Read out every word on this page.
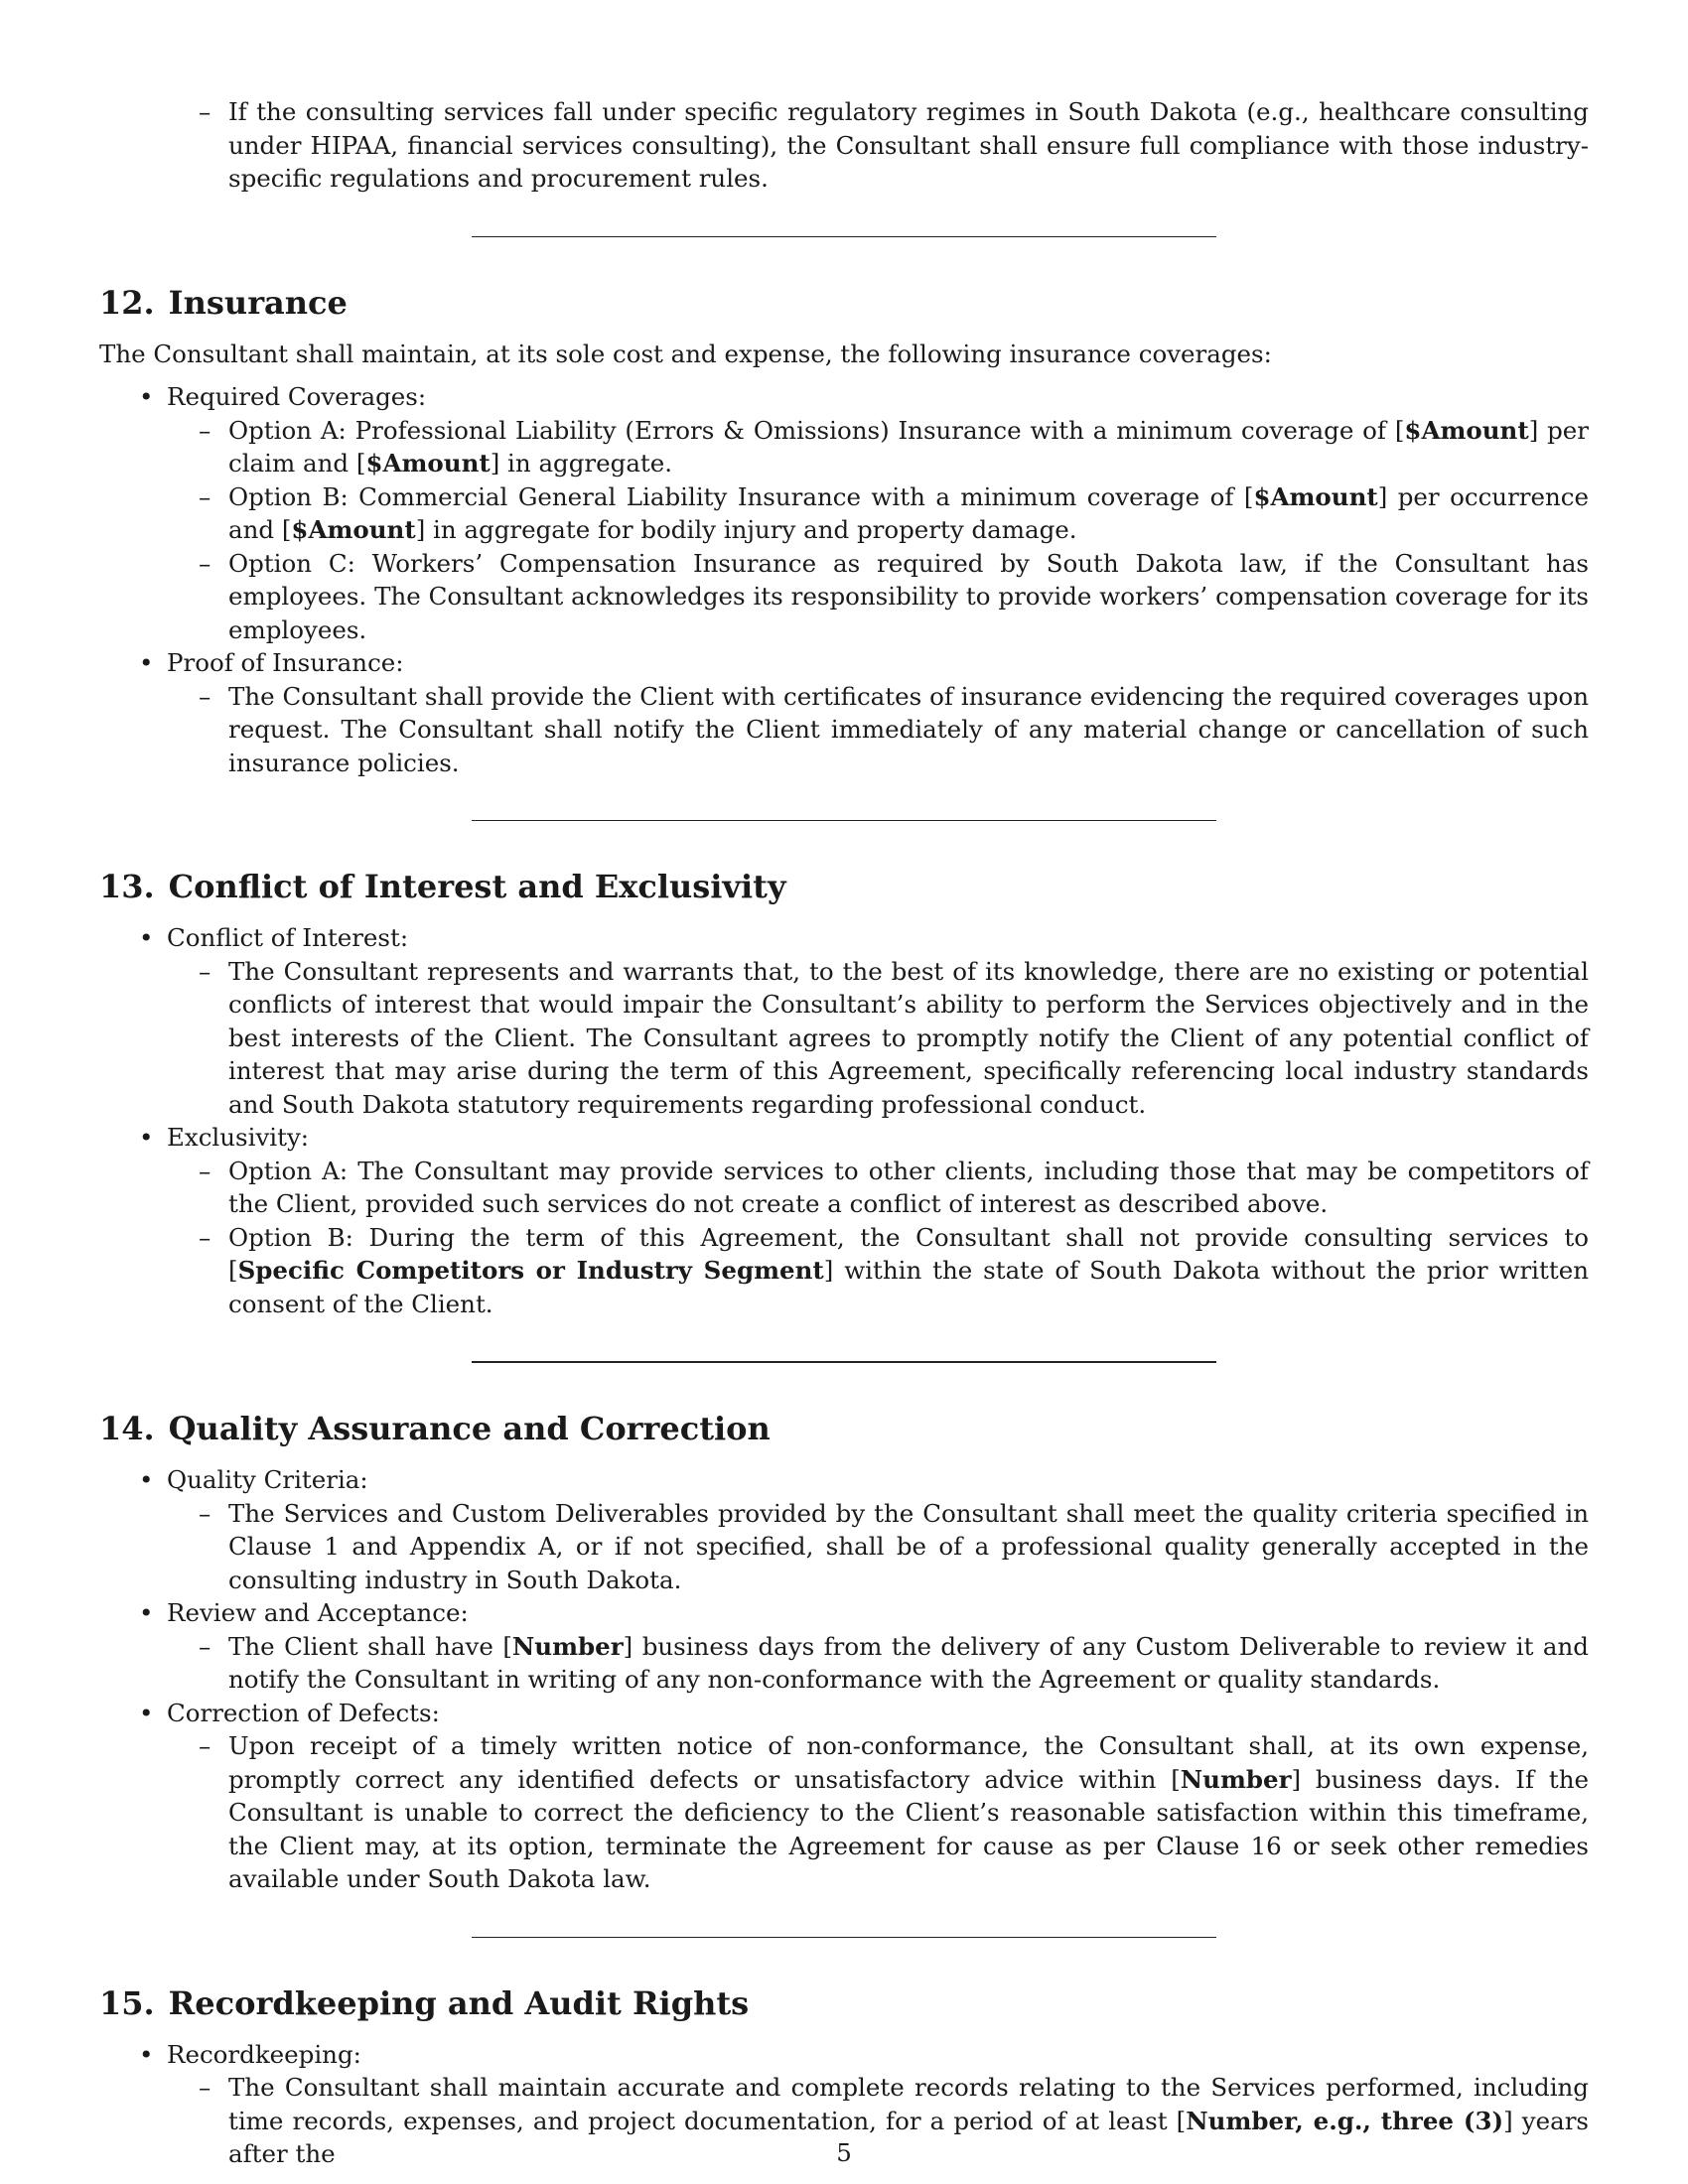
– If the consulting services fall under specific regulatory regimes in South Dakota (e.g., healthcare consulting under HIPAA, financial services consulting), the Consultant shall ensure full compliance with those industry-specific regulations and procurement rules.
12. Insurance

The Consultant shall maintain, at its sole cost and expense, the following insurance coverages:

• Required Coverages:

– Option A: Professional Liability (Errors & Omissions) Insurance with a minimum coverage of [$Amount] per claim and [$Amount] in aggregate.
– Option B: Commercial General Liability Insurance with a minimum coverage of [$Amount] per occurrence and [$Amount] in aggregate for bodily injury and property damage.
– Option C: Workers’ Compensation Insurance as required by South Dakota law, if the Consultant has employees. The Consultant acknowledges its responsibility to provide workers’ compensation coverage for its employees.
• Proof of Insurance:

– The Consultant shall provide the Client with certificates of insurance evidencing the required coverages upon request. The Consultant shall notify the Client immediately of any material change or cancellation of such insurance policies.
13. Conflict of Interest and Exclusivity
• Conflict of Interest:

– The Consultant represents and warrants that, to the best of its knowledge, there are no existing or potential conflicts of interest that would impair the Consultant’s ability to perform the Services objectively and in the best interests of the Client. The Consultant agrees to promptly notify the Client of any potential conflict of interest that may arise during the term of this Agreement, specifically referencing local industry standards and South Dakota statutory requirements regarding professional conduct.
• Exclusivity:

– Option A: The Consultant may provide services to other clients, including those that may be competitors of the Client, provided such services do not create a conflict of interest as described above.
– Option B: During the term of this Agreement, the Consultant shall not provide consulting services to [Specific Competitors or Industry Segment] within the state of South Dakota without the prior written consent of the Client.
14. Quality Assurance and Correction
• Quality Criteria:

– The Services and Custom Deliverables provided by the Consultant shall meet the quality criteria specified in Clause 1 and Appendix A, or if not specified, shall be of a professional quality generally accepted in the consulting industry in South Dakota.
• Review and Acceptance:

– The Client shall have [Number] business days from the delivery of any Custom Deliverable to review it and notify the Consultant in writing of any non-conformance with the Agreement or quality standards.
• Correction of Defects:

– Upon receipt of a timely written notice of non-conformance, the Consultant shall, at its own expense, promptly correct any identified defects or unsatisfactory advice within [Number] business days. If the Consultant is unable to correct the deficiency to the Client’s reasonable satisfaction within this timeframe, the Client may, at its option, terminate the Agreement for cause as per Clause 16 or seek other remedies available under South Dakota law.
15. Recordkeeping and Audit Rights
• Recordkeeping:

– The Consultant shall maintain accurate and complete records relating to the Services performed, including time records, expenses, and project documentation, for a period of at least [Number, e.g., three (3)] years after the	5
